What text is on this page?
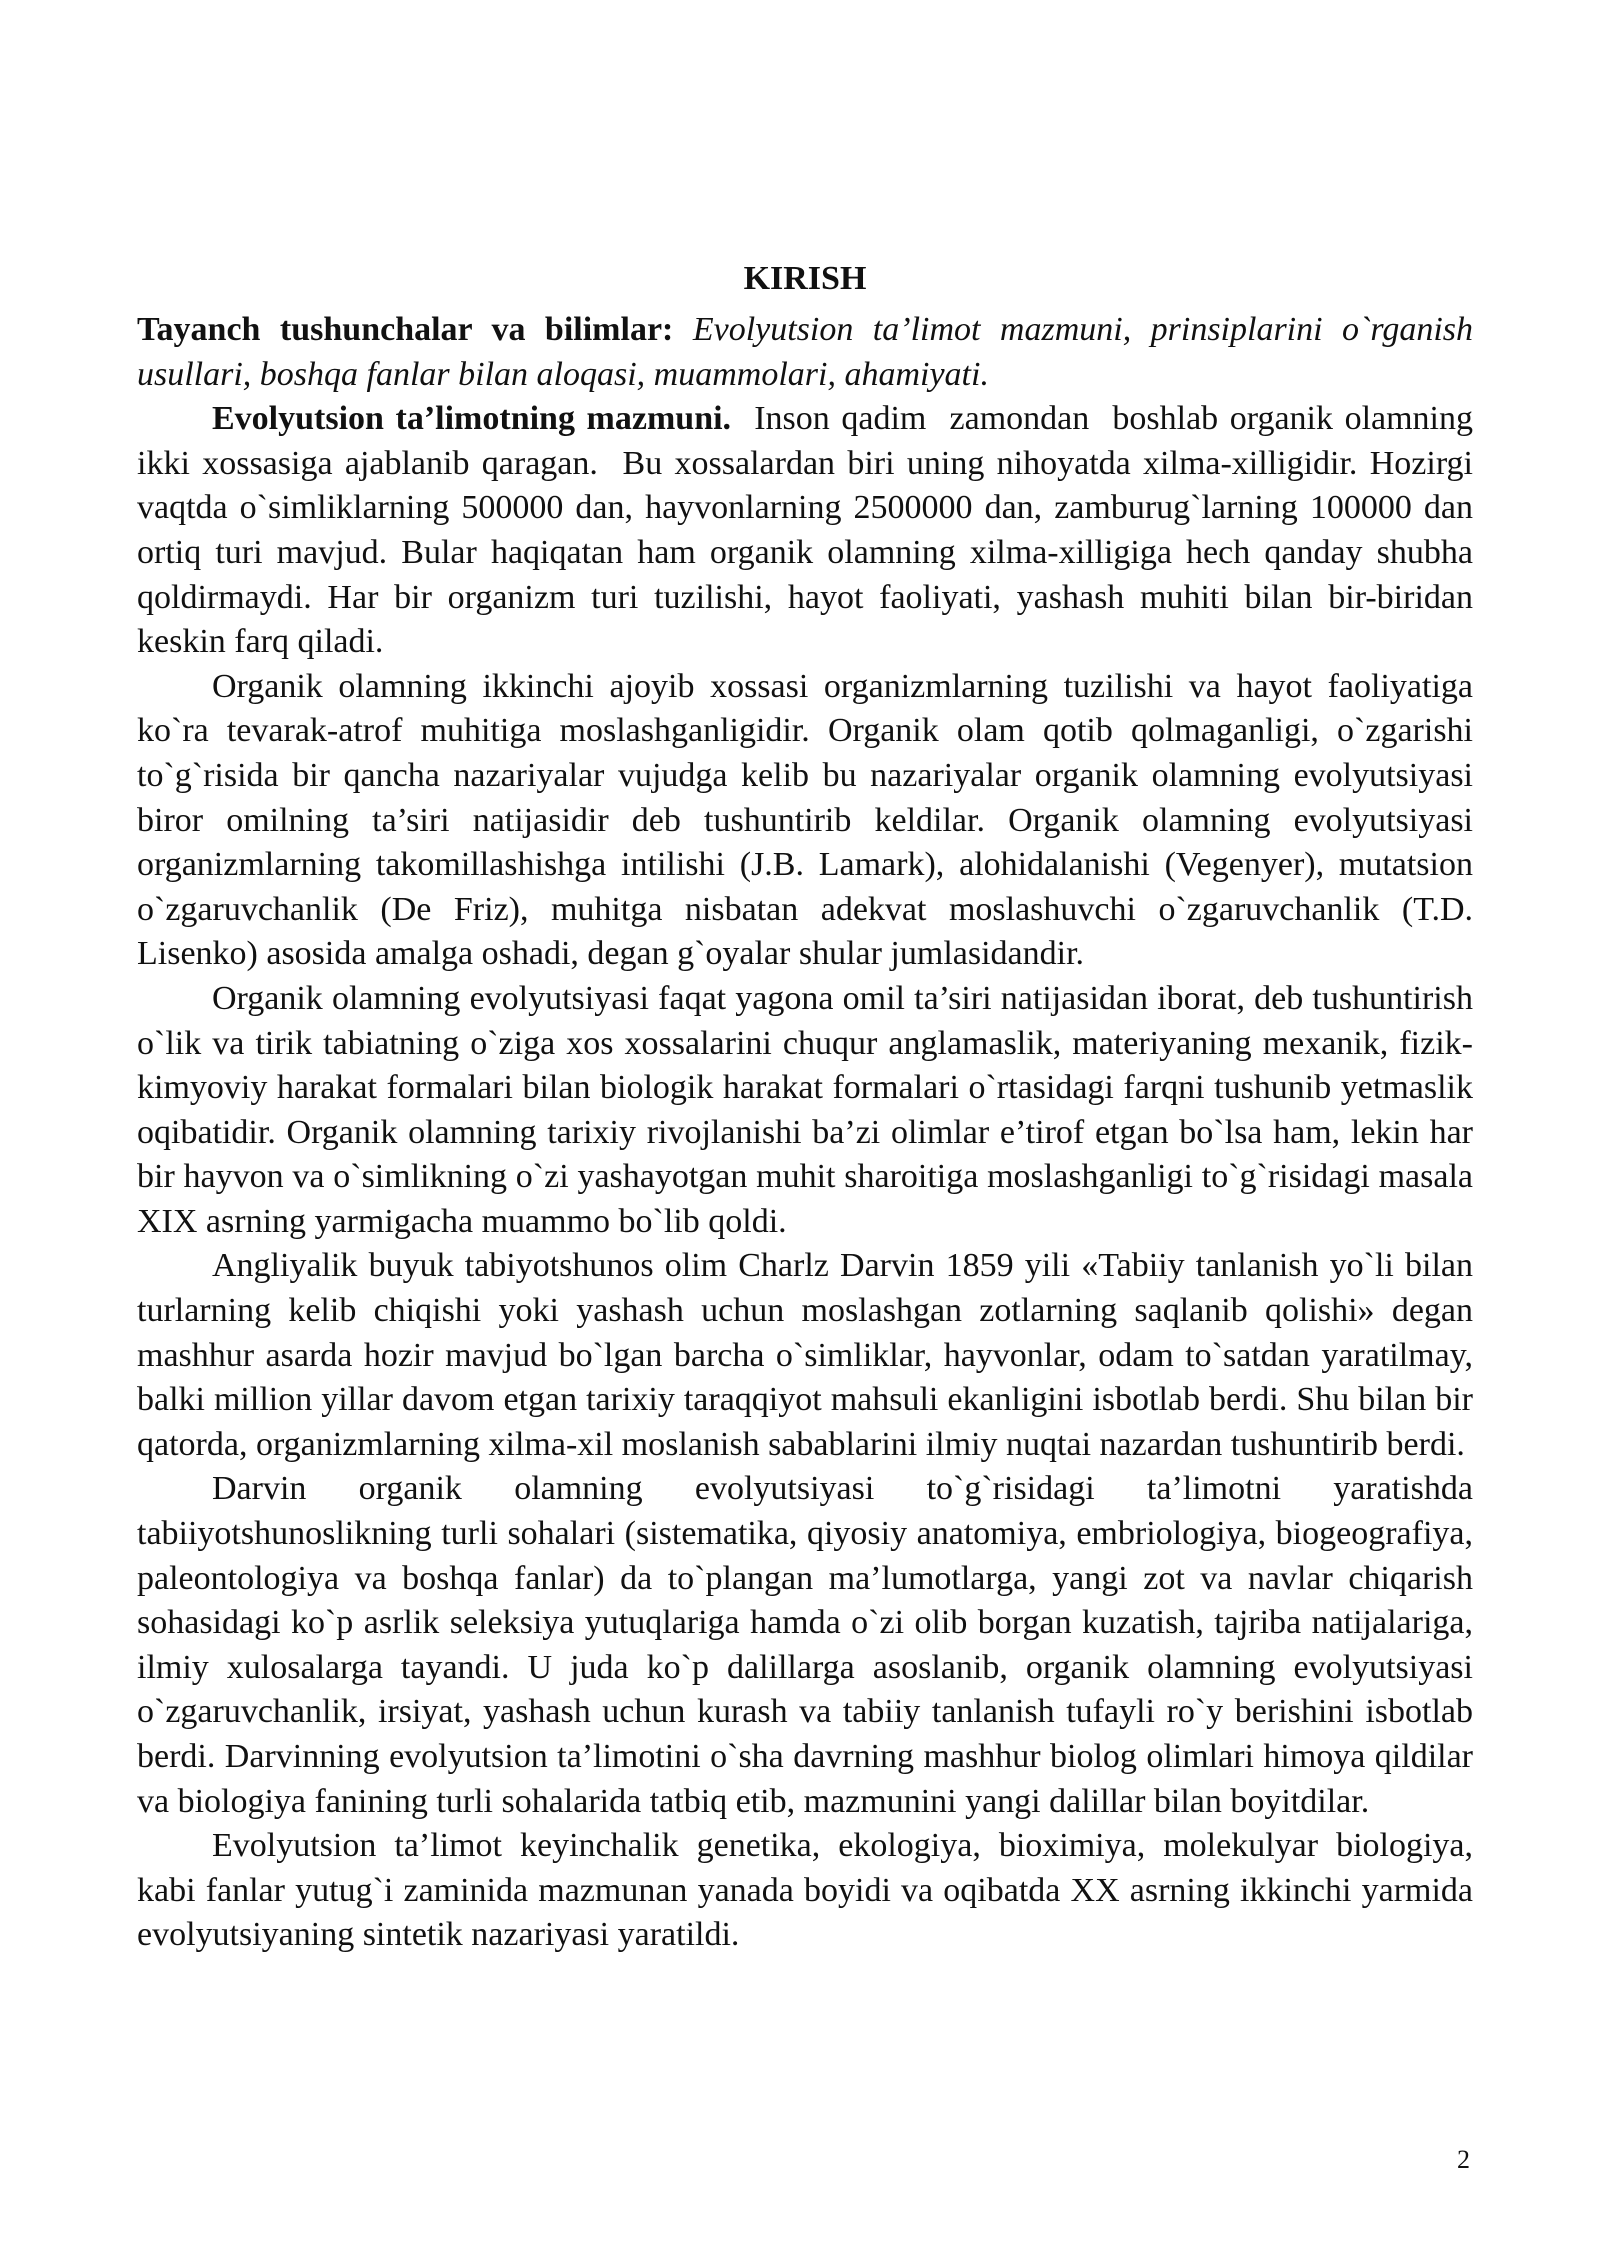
KIRISH

Tayanch tushunchalar va bilimlar: Evolyutsion ta’limot mazmuni, prinsiplarini o`rganish usullari, boshqa fanlar bilan aloqasi, muammolari, ahamiyati.

Evolyutsion ta’limotning mazmuni.  Inson qadim  zamondan  boshlab organik olamning ikki xossasiga ajablanib qaragan.  Bu xossalardan biri uning nihoyatda xilma-xilligidir. Hozirgi vaqtda o`simliklarning 500000 dan, hayvonlarning 2500000 dan, zamburug`larning 100000 dan ortiq turi mavjud. Bular haqiqatan ham organik olamning xilma-xilligiga hech qanday shubha qoldirmaydi. Har bir organizm turi tuzilishi, hayot faoliyati, yashash muhiti bilan bir-biridan keskin farq qiladi.

Organik olamning ikkinchi ajoyib xossasi organizmlarning tuzilishi va hayot faoliyatiga ko`ra tevarak-atrof muhitiga moslashganligidir. Organik olam qotib qolmaganligi, o`zgarishi to`g`risida bir qancha nazariyalar vujudga kelib bu nazariyalar organik olamning evolyutsiyasi biror omilning ta’siri natijasidir deb tushuntirib keldilar. Organik olamning evolyutsiyasi organizmlarning takomillashishga intilishi (J.B. Lamark), alohidalanishi (Vegenyer), mutatsion o`zgaruvchanlik (De Friz), muhitga nisbatan adekvat moslashuvchi o`zgaruvchanlik (T.D. Lisenko) asosida amalga oshadi, degan g`oyalar shular jumlasidandir.

Organik olamning evolyutsiyasi faqat yagona omil ta’siri natijasidan iborat, deb tushuntirish o`lik va tirik tabiatning o`ziga xos xossalarini chuqur anglamaslik, materiyaning mexanik, fizik-kimyoviy harakat formalari bilan biologik harakat formalari o`rtasidagi farqni tushunib yetmaslik oqibatidir. Organik olamning tarixiy rivojlanishi ba’zi olimlar e’tirof etgan bo`lsa ham, lekin har bir hayvon va o`simlikning o`zi yashayotgan muhit sharoitiga moslashganligi to`g`risidagi masala XIX asrning yarmigacha muammo bo`lib qoldi.

Angliyalik buyuk tabiyotshunos olim Charlz Darvin 1859 yili «Tabiiy tanlanish yo`li bilan turlarning kelib chiqishi yoki yashash uchun moslashgan zotlarning saqlanib qolishi» degan mashhur asarda hozir mavjud bo`lgan barcha o`simliklar, hayvonlar, odam to`satdan yaratilmay, balki million yillar davom etgan tarixiy taraqqiyot mahsuli ekanligini isbotlab berdi. Shu bilan bir qatorda, organizmlarning xilma-xil moslanish sabablarini ilmiy nuqtai nazardan tushuntirib berdi.

Darvin organik olamning evolyutsiyasi to`g`risidagi ta’limotni yaratishda tabiiyotshunoslikning turli sohalari (sistematika, qiyosiy anatomiya, embriologiya, biogeografiya, paleontologiya va boshqa fanlar) da to`plangan ma’lumotlarga, yangi zot va navlar chiqarish sohasidagi ko`p asrlik seleksiya yutuqlariga hamda o`zi olib borgan kuzatish, tajriba natijalariga, ilmiy xulosalarga tayandi. U juda ko`p dalillarga asoslanib, organik olamning evolyutsiyasi o`zgaruvchanlik, irsiyat, yashash uchun kurash va tabiiy tanlanish tufayli ro`y berishini isbotlab berdi. Darvinning evolyutsion ta’limotini o`sha davrning mashhur biolog olimlari himoya qildilar va biologiya fanining turli sohalarida tatbiq etib, mazmunini yangi dalillar bilan boyitdilar.

Evolyutsion ta’limot keyinchalik genetika, ekologiya, bioximiya, molekulyar biologiya, kabi fanlar yutug`i zaminida mazmunan yanada boyidi va oqibatda XX asrning ikkinchi yarmida evolyutsiyaning sintetik nazariyasi yaratildi.

2
